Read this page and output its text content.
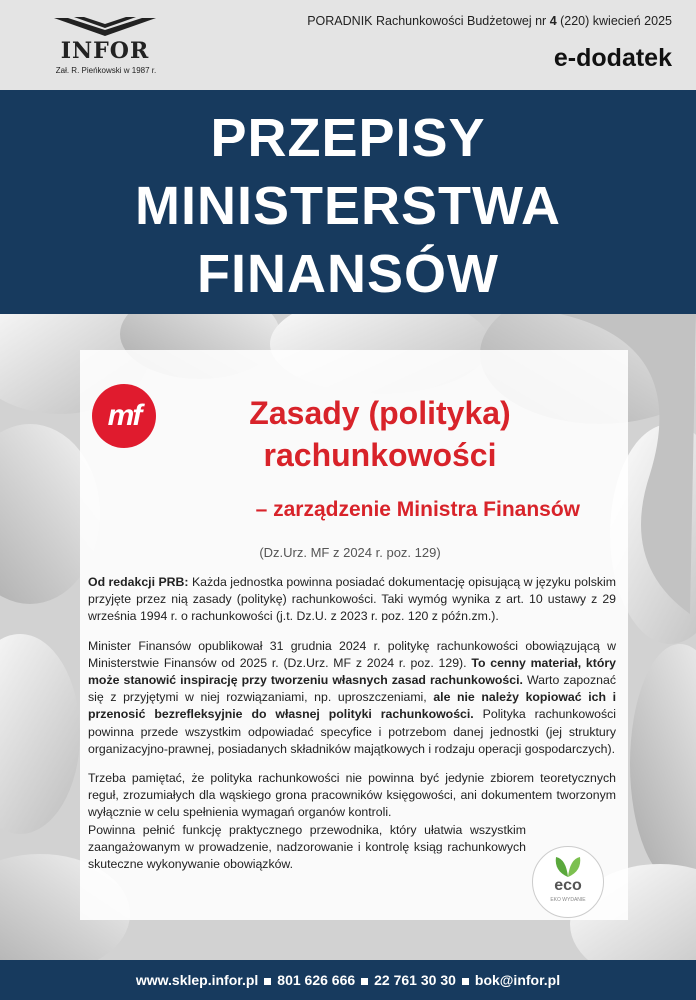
INFOR
Zał. R. Pieńkowski w 1987 r.
PORADNIK Rachunkowości Budżetowej nr 4 (220) kwiecień 2025
e-dodatek
PRZEPISY
MINISTERSTWA
FINANSÓW
mf	Zasady (polityka)
rachunkowości
– zarządzenie Ministra Finansów
(Dz.Urz. MF z 2024 r. poz. 129)

Od redakcji PRB: Każda jednostka powinna posiadać dokumentację opisującą w języku polskim przyjęte przez nią zasady (politykę) rachunkowości. Taki wymóg wynika z art. 10 ustawy z 29 września 1994 r. o rachunkowości (j.t. Dz.U. z 2023 r. poz. 120 z późn.zm.).

Minister Finansów opublikował 31 grudnia 2024 r. politykę rachunkowości obowiązującą w Ministerstwie Finansów od 2025 r. (Dz.Urz. MF z 2024 r. poz. 129). To cenny materiał, który może stanowić inspirację przy tworzeniu własnych zasad rachunkowości. Warto zapoznać się z przyjętymi w niej rozwiązaniami, np. uproszczeniami, ale nie należy kopiować ich i przenosić bezrefleksyjnie do własnej polityki rachunkowości. Polityka rachunkowości powinna przede wszystkim odpowiadać specyfice i potrzebom danej jednostki (jej struktury organizacyjno-prawnej, posiadanych składników majątkowych i rodzaju operacji gospodarczych).

Trzeba pamiętać, że polityka rachunkowości nie powinna być jedynie zbiorem teoretycznych reguł, zrozumiałych dla wąskiego grona pracowników księgowości, ani dokumentem tworzonym wyłącznie w celu spełnienia wymagań organów kontroli.

Powinna pełnić funkcję praktycznego przewodnika, który ułatwia wszystkim zaangażowanym w prowadzenie, nadzorowanie i kontrolę ksiąg rachunkowych skuteczne wykonywanie obowiązków.

eco
EKO WYDANIE
www.sklep.infor.pl 801 626 666 22 761 30 30 bok@infor.pl
